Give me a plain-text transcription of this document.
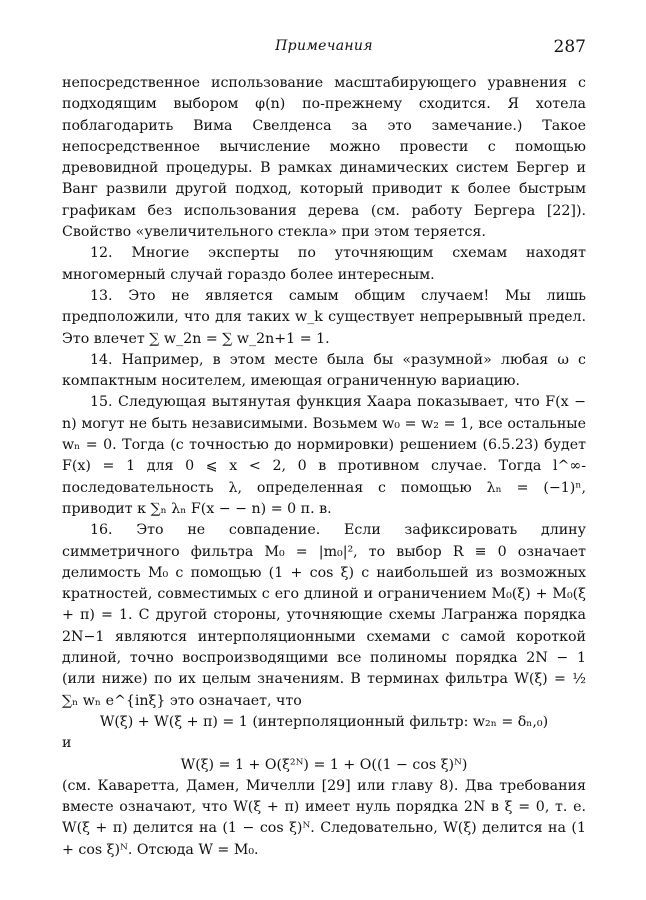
Примечания	287

непосредственное использование масштабирующего уравнения с подходящим выбором φ(n) по-прежнему сходится. Я хотела поблагодарить Вима Свелденса за это замечание.) Такое непосредственное вычисление можно провести с помощью древовидной процедуры. В рамках динамических систем Бергер и Ванг развили другой подход, который приводит к более быстрым графикам без использования дерева (см. работу Бергера [22]). Свойство «увеличительного стекла» при этом теряется.

12. Многие эксперты по уточняющим схемам находят многомерный случай гораздо более интересным.

13. Это не является самым общим случаем! Мы лишь предположили, что для таких w_k существует непрерывный предел. Это влечет ∑ w_2n = ∑ w_2n+1 = 1.

14. Например, в этом месте была бы «разумной» любая ω с компактным носителем, имеющая ограниченную вариацию.

15. Следующая вытянутая функция Хаара показывает, что F(x − n) могут не быть независимыми. Возьмем w₀ = w₂ = 1, все остальные wₙ = 0. Тогда (с точностью до нормировки) решением (6.5.23) будет F(x) = 1 для 0 ⩽ x < 2, 0 в противном случае. Тогда l^∞-последовательность λ, определенная с помощью λₙ = (−1)ⁿ, приводит к ∑ₙ λₙ F(x − − n) = 0 п. в.

16. Это не совпадение. Если зафиксировать длину симметричного фильтра M₀ = |m₀|², то выбор R ≡ 0 означает делимость M₀ с помощью (1 + cos ξ) с наибольшей из возможных кратностей, совместимых с его длиной и ограничением M₀(ξ) + M₀(ξ + π) = 1. С другой стороны, уточняющие схемы Лагранжа порядка 2N−1 являются интерполяционными схемами с самой короткой длиной, точно воспроизводящими все полиномы порядка 2N − 1 (или ниже) по их целым значениям. В терминах фильтра W(ξ) = ½ ∑ₙ wₙ e^{inξ} это означает, что

W(ξ) + W(ξ + π) = 1 (интерполяционный фильтр: w₂ₙ = δₙ,₀)

и

W(ξ) = 1 + O(ξ²ᴺ) = 1 + O((1 − cos ξ)ᴺ)

(см. Каваретта, Дамен, Мичелли [29] или главу 8). Два требования вместе означают, что W(ξ + π) имеет нуль порядка 2N в ξ = 0, т. е. W(ξ + π) делится на (1 − cos ξ)ᴺ. Следовательно, W(ξ) делится на (1 + cos ξ)ᴺ. Отсюда W = M₀.
